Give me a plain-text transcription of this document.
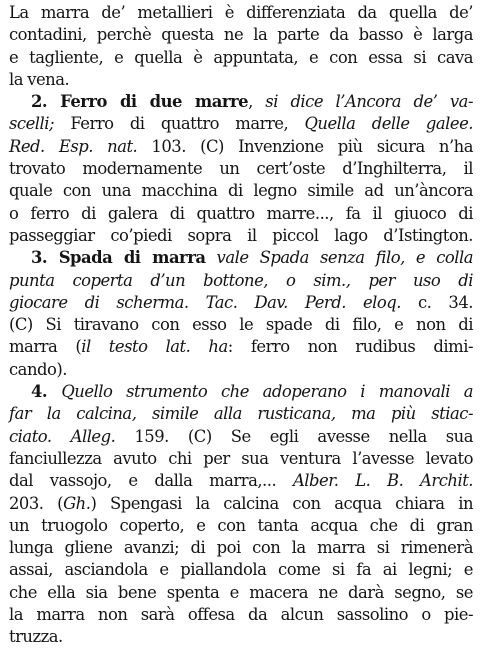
La marra de’ metallieri è differenziata da quella de’
contadini, perchè questa ne la parte da basso è larga
e tagliente, e quella è appuntata, e con essa si cava
la vena.
2. Ferro di due marre, si dice l’Ancora de’ va-
scelli; Ferro di quattro marre, Quella delle galee.
Red. Esp. nat. 103. (C) Invenzione più sicura n’ha
trovato modernamente un cert’oste d’Inghilterra, il
quale con una macchina di legno simile ad un’àncora
o ferro di galera di quattro marre..., fa il giuoco di
passeggiar co’piedi sopra il piccol lago d’Istington.
3. Spada di marra vale Spada senza filo, e colla
punta coperta d’un bottone, o sim., per uso di
giocare di scherma. Tac. Dav. Perd. eloq. c. 34.
(C) Si tiravano con esso le spade di filo, e non di
marra (il testo lat. ha: ferro non rudibus dimi-
cando).
4. Quello strumento che adoperano i manovali a
far la calcina, simile alla rusticana, ma più stiac-
ciato. Alleg. 159. (C) Se egli avesse nella sua
fanciullezza avuto chi per sua ventura l’avesse levato
dal vassojo, e dalla marra,... Alber. L. B. Archit.
203. (Gh.) Spengasi la calcina con acqua chiara in
un truogolo coperto, e con tanta acqua che di gran
lunga gliene avanzi; di poi con la marra si rimenerà
assai, asciandola e piallandola come si fa ai legni; e
che ella sia bene spenta e macera ne darà segno, se
la marra non sarà offesa da alcun sassolino o pie-
truzza.
